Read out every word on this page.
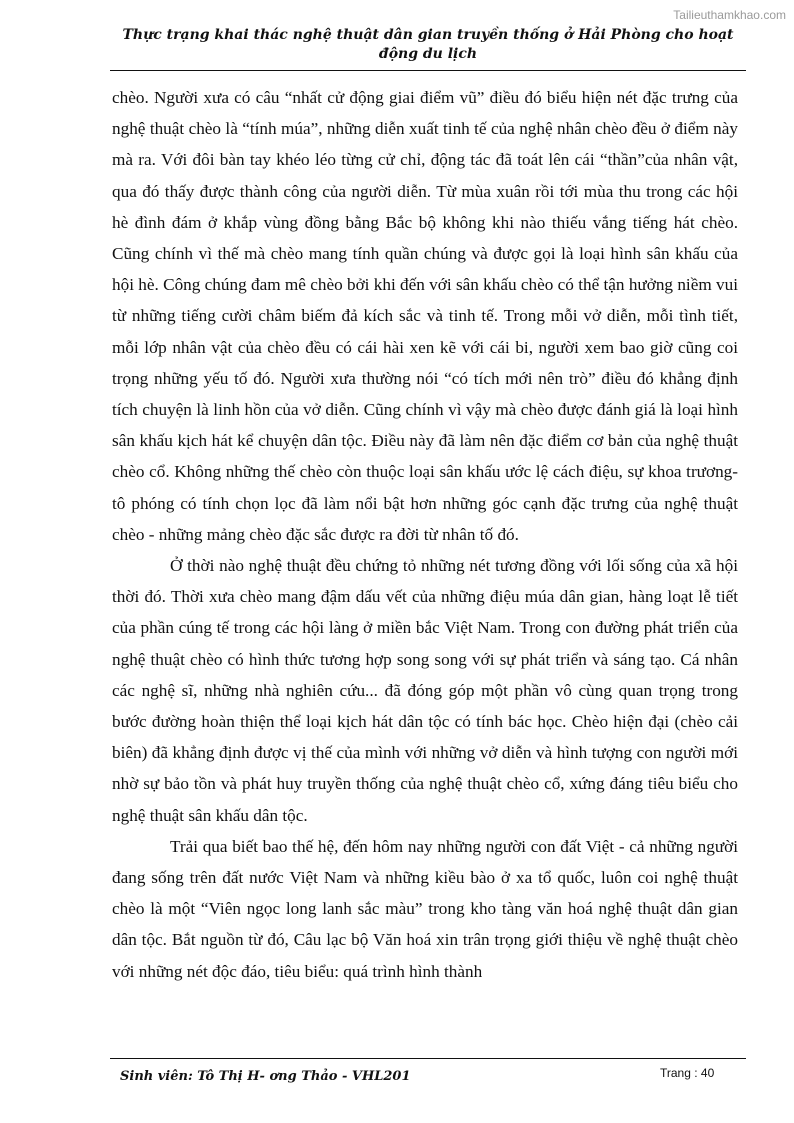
Tailieuthamkhao.com
Thực trạng khai thác nghệ thuật dân gian truyền thống ở Hải Phòng cho hoạt động du lịch

chèo. Người xưa có câu “nhất cử động giai điểm vũ” điều đó biểu hiện nét đặc trưng của nghệ thuật chèo là “tính múa”, những diễn xuất tinh tế của nghệ nhân chèo đều ở điểm này mà ra. Với đôi bàn tay khéo léo từng cử chỉ, động tác đã toát lên cái “thần”của nhân vật, qua đó thấy được thành công của người diễn. Từ mùa xuân rồi tới mùa thu trong các hội hè đình đám ở khắp vùng đồng bằng Bắc bộ không khi nào thiếu vắng tiếng hát chèo. Cũng chính vì thế mà chèo mang tính quần chúng và được gọi là loại hình sân khấu của hội hè. Công chúng đam mê chèo bởi khi đến với sân khấu chèo có thể tận hưởng niềm vui từ những tiếng cười châm biếm đả kích sắc và tinh tế. Trong mỗi vở diễn, mỗi tình tiết, mỗi lớp nhân vật của chèo đều có cái hài xen kẽ với cái bi, người xem bao giờ cũng coi trọng những yếu tố đó. Người xưa thường nói “có tích mới nên trò” điều đó khẳng định tích chuyện là linh hồn của vở diễn. Cũng chính vì vậy mà chèo được đánh giá là loại hình sân khấu kịch hát kể chuyện dân tộc. Điều này đã làm nên đặc điểm cơ bản của nghệ thuật chèo cổ. Không những thế chèo còn thuộc loại sân khấu ước lệ cách điệu, sự khoa trương- tô phóng có tính chọn lọc đã làm nổi bật hơn những góc cạnh đặc trưng của nghệ thuật chèo - những mảng chèo đặc sắc được ra đời từ nhân tố đó.

Ở thời nào nghệ thuật đều chứng tỏ những nét tương đồng với lối sống của xã hội thời đó. Thời xưa chèo mang đậm dấu vết của những điệu múa dân gian, hàng loạt lễ tiết của phần cúng tế trong các hội làng ở miền bắc Việt Nam. Trong con đường phát triển của nghệ thuật chèo có hình thức tương hợp song song với sự phát triển và sáng tạo. Cá nhân các nghệ sĩ, những nhà nghiên cứu... đã đóng góp một phần vô cùng quan trọng trong bước đường hoàn thiện thể loại kịch hát dân tộc có tính bác học. Chèo hiện đại (chèo cải biên) đã khẳng định được vị thế của mình với những vở diễn và hình tượng con người mới nhờ sự bảo tồn và phát huy truyền thống của nghệ thuật chèo cổ, xứng đáng tiêu biểu cho nghệ thuật sân khấu dân tộc.

Trải qua biết bao thế hệ, đến hôm nay những người con đất Việt - cả những người đang sống trên đất nước Việt Nam và những kiều bào ở xa tổ quốc, luôn coi nghệ thuật chèo là một “Viên ngọc long lanh sắc màu” trong kho tàng văn hoá nghệ thuật dân gian dân tộc. Bắt nguồn từ đó, Câu lạc bộ Văn hoá xin trân trọng giới thiệu về nghệ thuật chèo với những nét độc đáo, tiêu biểu: quá trình hình thành

Sinh viên: Tô Thị H- ơng Thảo - VHL201	Trang : 40
